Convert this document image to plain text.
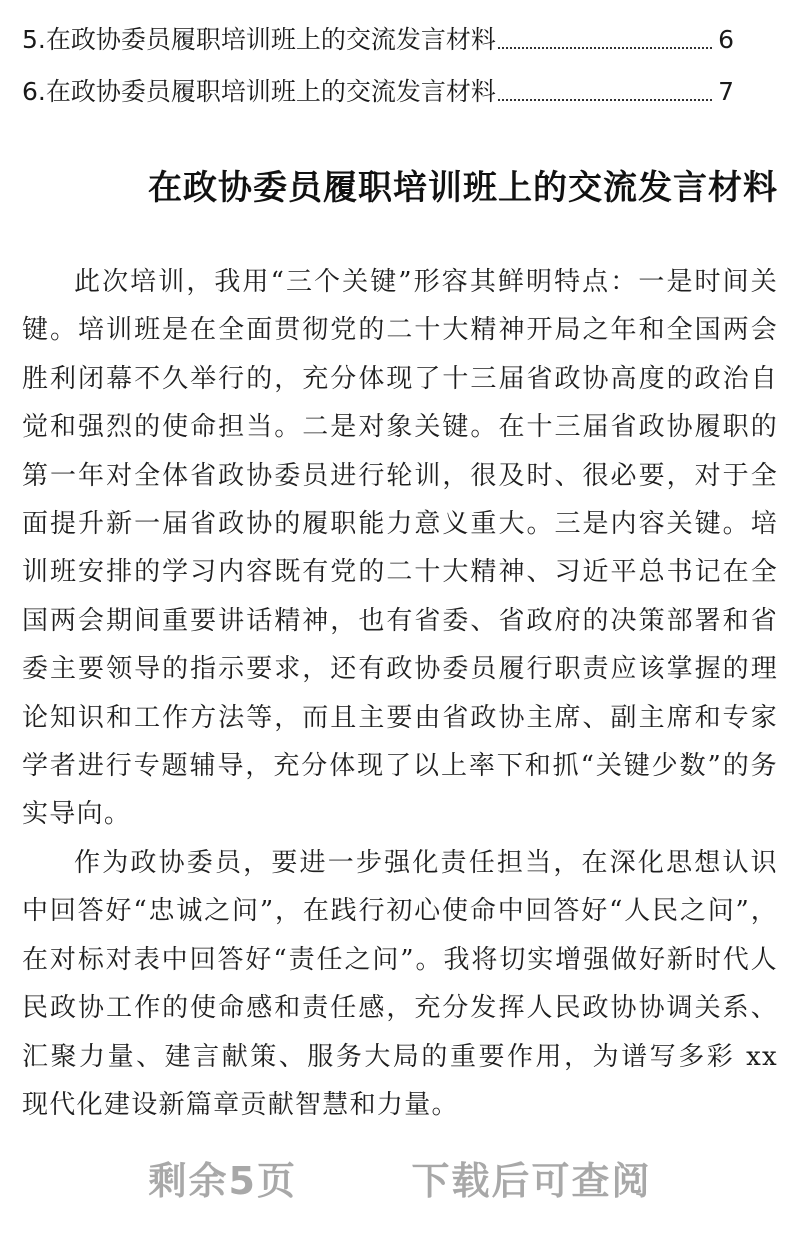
5.在政协委员履职培训班上的交流发言材料	6
6.在政协委员履职培训班上的交流发言材料	7
在政协委员履职培训班上的交流发言材料

此次培训，我用“三个关键”形容其鲜明特点：一是时间关键。培训班是在全面贯彻党的二十大精神开局之年和全国两会胜利闭幕不久举行的，充分体现了十三届省政协高度的政治自觉和强烈的使命担当。二是对象关键。在十三届省政协履职的第一年对全体省政协委员进行轮训，很及时、很必要，对于全面提升新一届省政协的履职能力意义重大。三是内容关键。培训班安排的学习内容既有党的二十大精神、习近平总书记在全国两会期间重要讲话精神，也有省委、省政府的决策部署和省委主要领导的指示要求，还有政协委员履行职责应该掌握的理论知识和工作方法等，而且主要由省政协主席、副主席和专家学者进行专题辅导，充分体现了以上率下和抓“关键少数”的务实导向。

作为政协委员，要进一步强化责任担当，在深化思想认识中回答好“忠诚之问”，在践行初心使命中回答好“人民之问”，在对标对表中回答好“责任之问”。我将切实增强做好新时代人民政协工作的使命感和责任感，充分发挥人民政协协调关系、汇聚力量、建言献策、服务大局的重要作用，为谱写多彩 xx 现代化建设新篇章贡献智慧和力量。

剩余5页	下载后可查阅
